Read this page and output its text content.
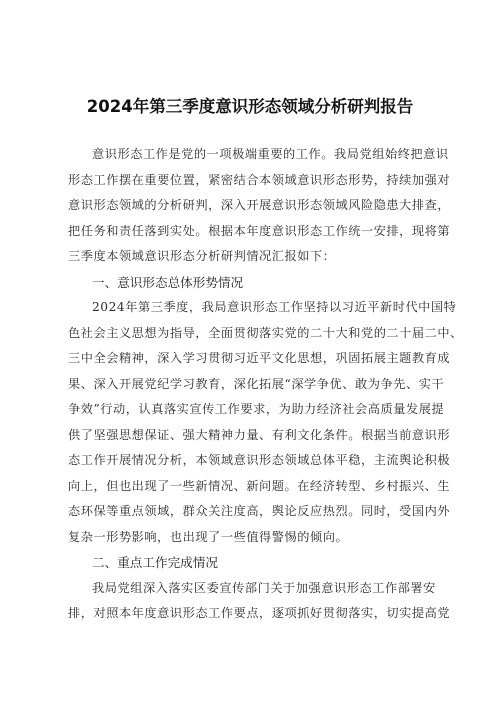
2024年第三季度意识形态领域分析研判报告
意识形态工作是党的一项极端重要的工作。我局党组始终把意识
形态工作摆在重要位置，紧密结合本领域意识形态形势，持续加强对
意识形态领域的分析研判，深入开展意识形态领域风险隐患大排查，
把任务和责任落到实处。根据本年度意识形态工作统一安排，现将第
三季度本领域意识形态分析研判情况汇报如下：
一、意识形态总体形势情况
2024年第三季度，我局意识形态工作坚持以习近平新时代中国特
色社会主义思想为指导，全面贯彻落实党的二十大和党的二十届二中、
三中全会精神，深入学习贯彻习近平文化思想，巩固拓展主题教育成
果、深入开展党纪学习教育，深化拓展“深学争优、敢为争先、实干
争效”行动，认真落实宣传工作要求，为助力经济社会高质量发展提
供了坚强思想保证、强大精神力量、有利文化条件。根据当前意识形
态工作开展情况分析，本领域意识形态领域总体平稳，主流舆论积极
向上，但也出现了一些新情况、新问题。在经济转型、乡村振兴、生
态环保等重点领域，群众关注度高，舆论反应热烈。同时，受国内外
复杂一形势影响，也出现了一些值得警惕的倾向。
二、重点工作完成情况
我局党组深入落实区委宣传部门关于加强意识形态工作部署安
排，对照本年度意识形态工作要点，逐项抓好贯彻落实，切实提高党
